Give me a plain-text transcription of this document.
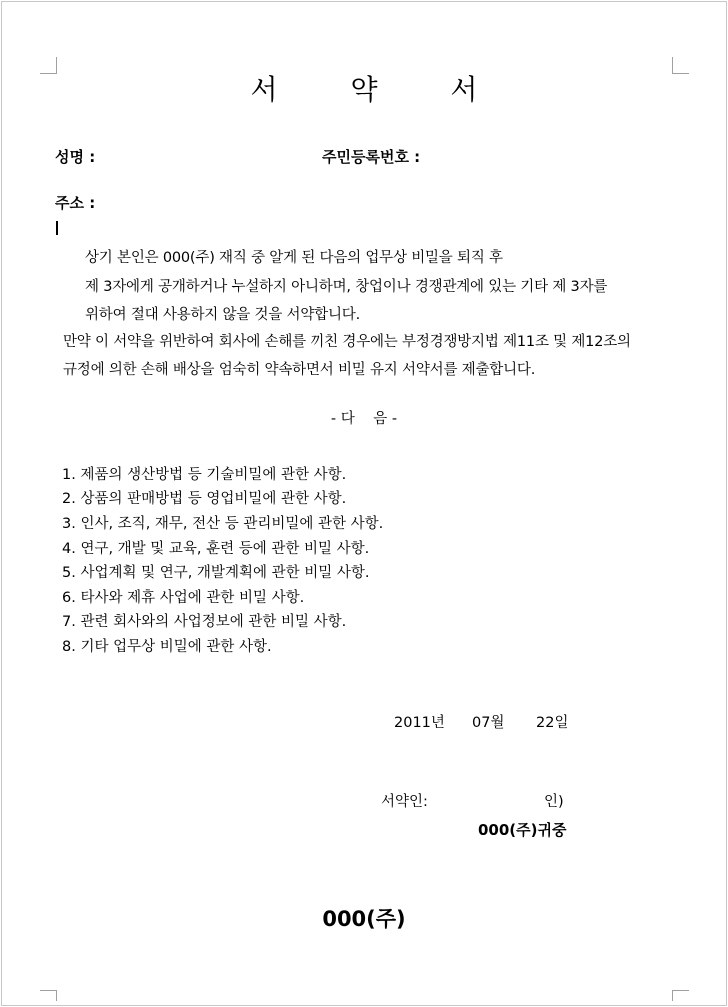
서 약 서
성명 :	주민등록번호 :
주소 :
상기 본인은 000(주) 재직 중 알게 된 다음의 업무상 비밀을 퇴직 후
제 3자에게 공개하거나 누설하지 아니하며, 창업이나 경쟁관계에 있는 기타 제 3자를
위하여 절대 사용하지 않을 것을 서약합니다.
만약 이 서약을 위반하여 회사에 손해를 끼친 경우에는 부정경쟁방지법 제11조 및 제12조의
규정에 의한 손해 배상을 엄숙히 약속하면서 비밀 유지 서약서를 제출합니다.
- 다    음 -
1. 제품의 생산방법 등 기술비밀에 관한 사항.
2. 상품의 판매방법 등 영업비밀에 관한 사항.
3. 인사, 조직, 재무, 전산 등 관리비밀에 관한 사항.
4. 연구, 개발 및 교육, 훈련 등에 관한 비밀 사항.
5. 사업계획 및 연구, 개발계획에 관한 비밀 사항.
6. 타사와 제휴 사업에 관한 비밀 사항.
7. 관련 회사와의 사업정보에 관한 비밀 사항.
8. 기타 업무상 비밀에 관한 사항.
2011년 07월 22일
서약인:	인)
000(주)귀중
000(주)
